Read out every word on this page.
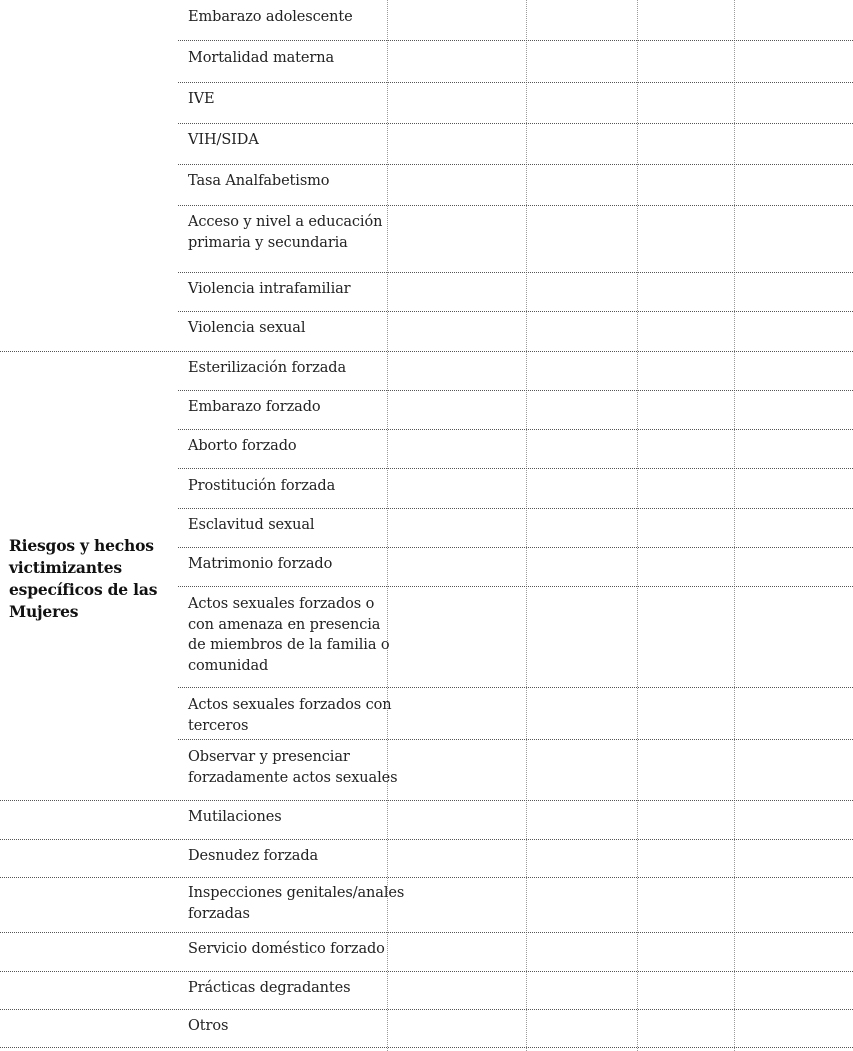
Riesgos y hechos
victimizantes
específicos de las
Mujeres
Embarazo adolescente
Mortalidad materna
IVE
VIH/SIDA
Tasa Analfabetismo
Acceso y nivel a educación
primaria y secundaria
Violencia intrafamiliar
Violencia sexual
Esterilización forzada
Embarazo forzado
Aborto forzado
Prostitución forzada
Esclavitud sexual
Matrimonio forzado
Actos sexuales forzados o
con amenaza en presencia
de miembros de la familia o
comunidad
Actos sexuales forzados con
terceros
Observar y presenciar
forzadamente actos sexuales
Mutilaciones
Desnudez forzada
Inspecciones genitales/anales
forzadas
Servicio doméstico forzado
Prácticas degradantes
Otros
